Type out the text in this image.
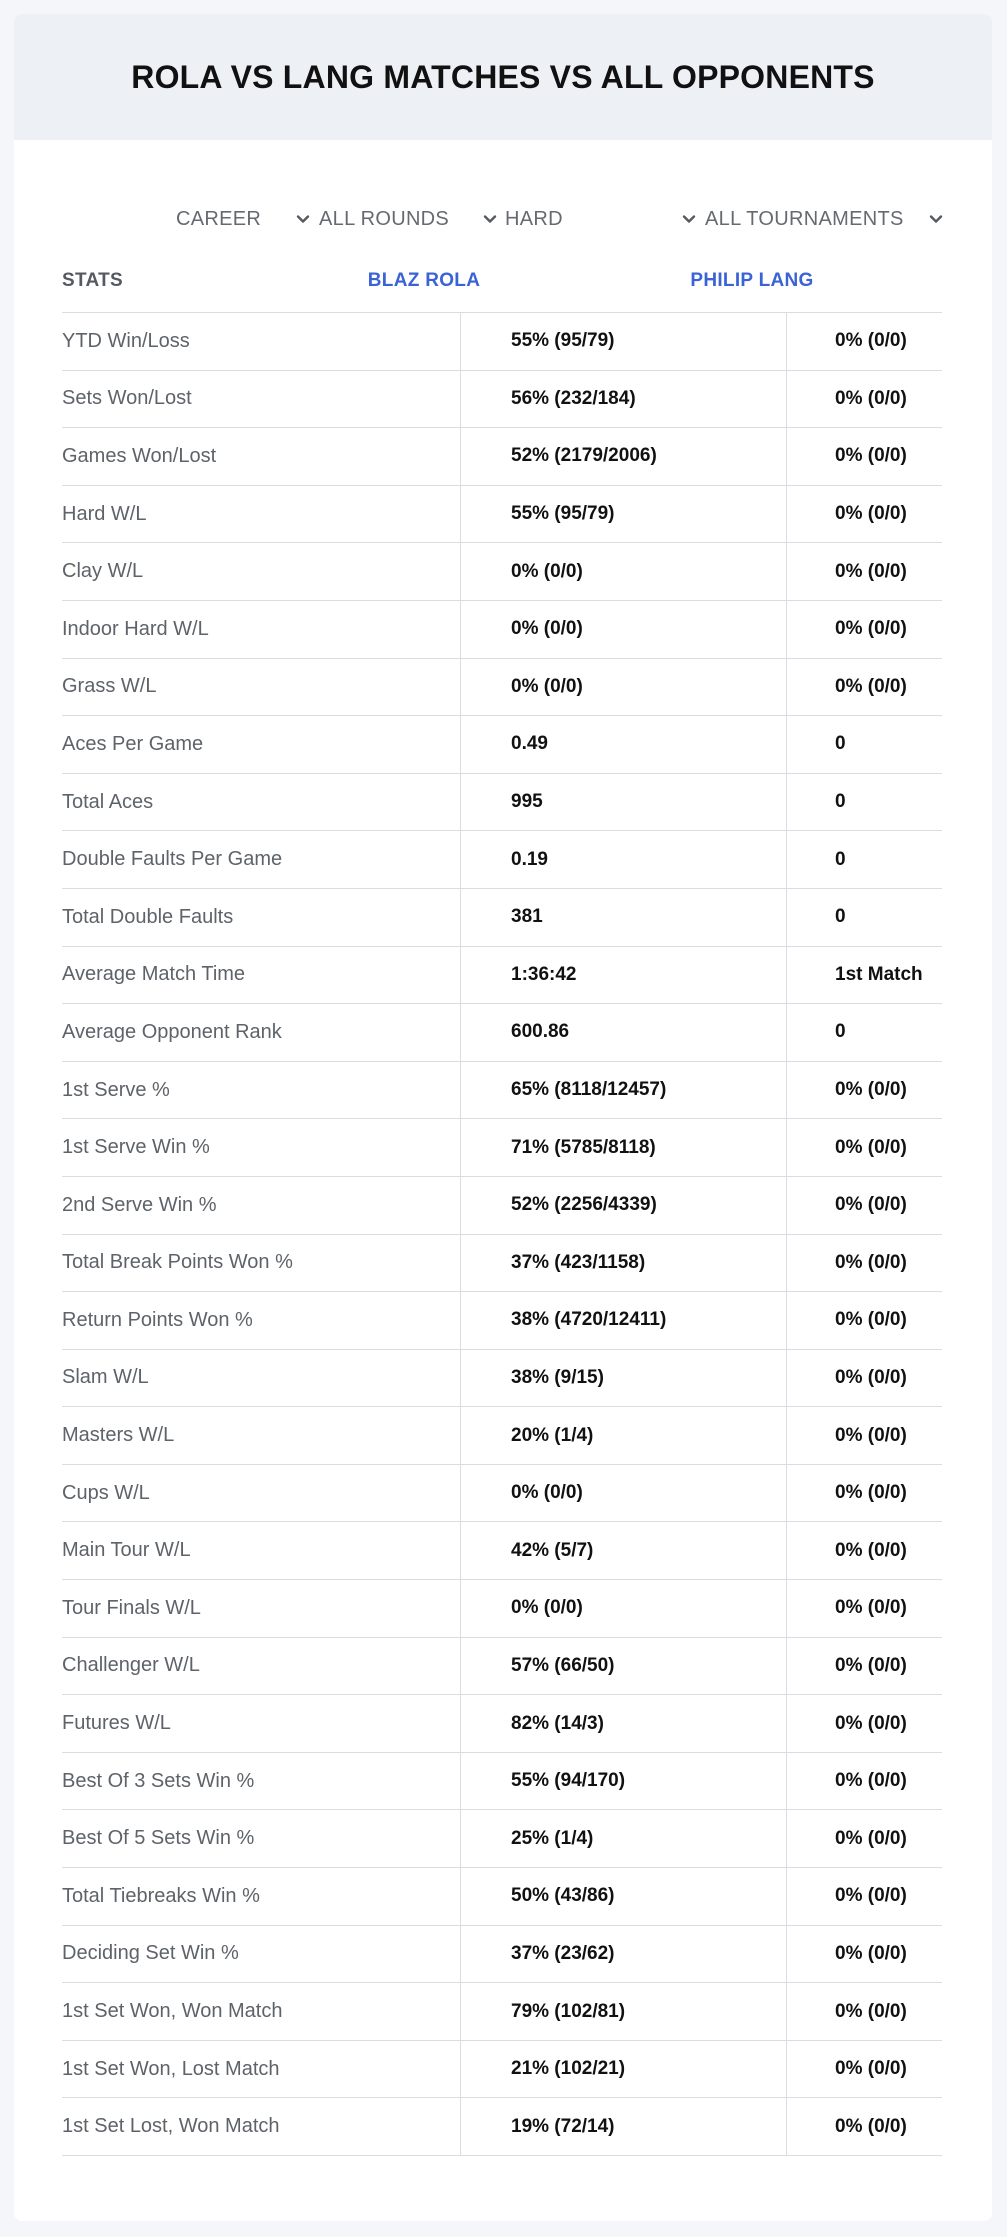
ROLA VS LANG MATCHES VS ALL OPPONENTS
CAREER	ALL ROUNDS	HARD	ALL TOURNAMENTS
STATS	BLAZ ROLA	PHILIP LANG
YTD Win/Loss	55% (95/79)	0% (0/0)
Sets Won/Lost	56% (232/184)	0% (0/0)
Games Won/Lost	52% (2179/2006)	0% (0/0)
Hard W/L	55% (95/79)	0% (0/0)
Clay W/L	0% (0/0)	0% (0/0)
Indoor Hard W/L	0% (0/0)	0% (0/0)
Grass W/L	0% (0/0)	0% (0/0)
Aces Per Game	0.49	0
Total Aces	995	0
Double Faults Per Game	0.19	0
Total Double Faults	381	0
Average Match Time	1:36:42	1st Match
Average Opponent Rank	600.86	0
1st Serve %	65% (8118/12457)	0% (0/0)
1st Serve Win %	71% (5785/8118)	0% (0/0)
2nd Serve Win %	52% (2256/4339)	0% (0/0)
Total Break Points Won %	37% (423/1158)	0% (0/0)
Return Points Won %	38% (4720/12411)	0% (0/0)
Slam W/L	38% (9/15)	0% (0/0)
Masters W/L	20% (1/4)	0% (0/0)
Cups W/L	0% (0/0)	0% (0/0)
Main Tour W/L	42% (5/7)	0% (0/0)
Tour Finals W/L	0% (0/0)	0% (0/0)
Challenger W/L	57% (66/50)	0% (0/0)
Futures W/L	82% (14/3)	0% (0/0)
Best Of 3 Sets Win %	55% (94/170)	0% (0/0)
Best Of 5 Sets Win %	25% (1/4)	0% (0/0)
Total Tiebreaks Win %	50% (43/86)	0% (0/0)
Deciding Set Win %	37% (23/62)	0% (0/0)
1st Set Won, Won Match	79% (102/81)	0% (0/0)
1st Set Won, Lost Match	21% (102/21)	0% (0/0)
1st Set Lost, Won Match	19% (72/14)	0% (0/0)
